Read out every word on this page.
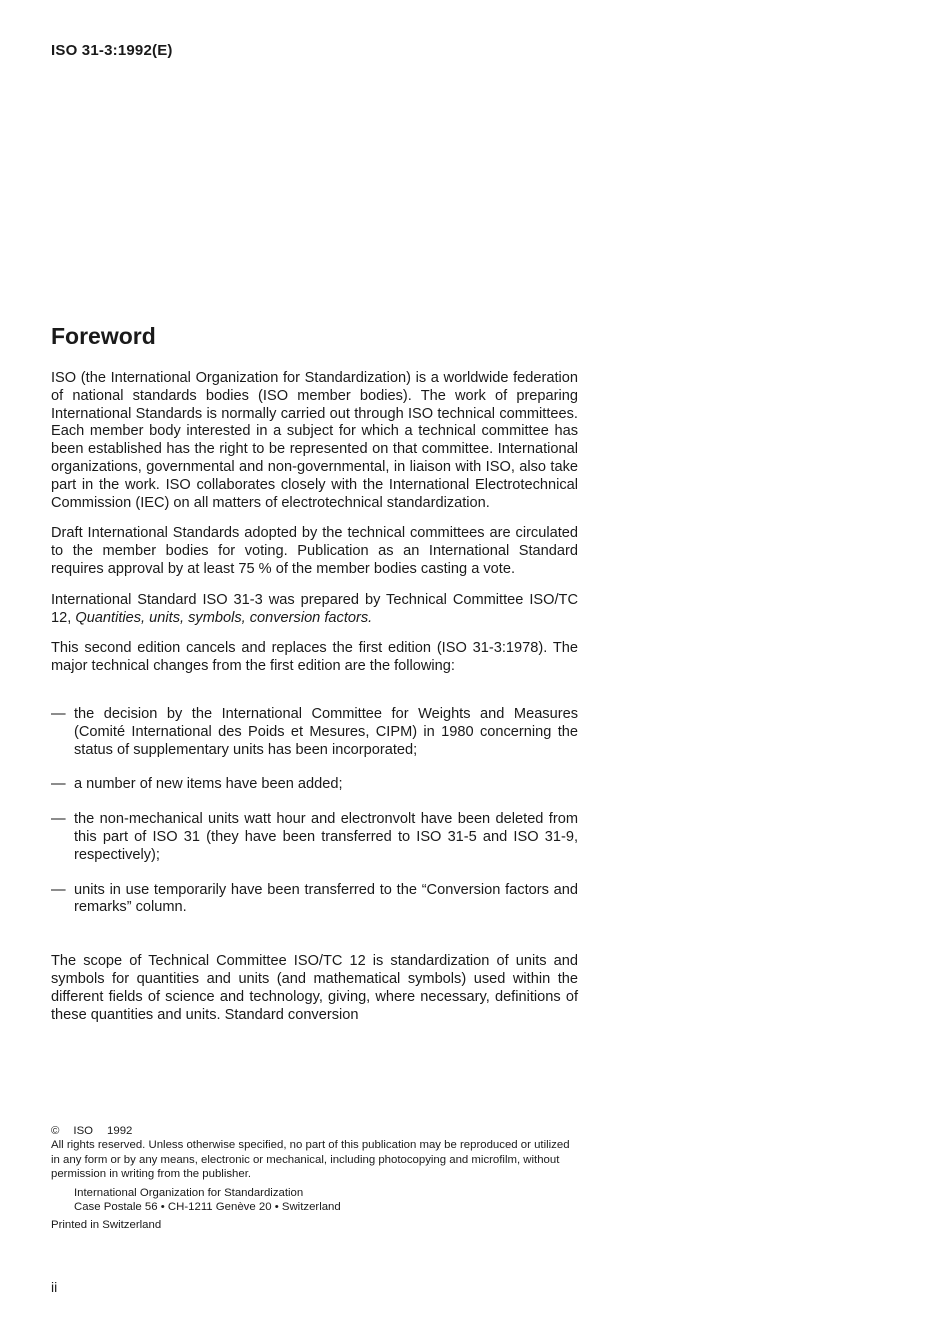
ISO 31-3:1992(E)
Foreword

ISO (the International Organization for Standardization) is a worldwide federation of national standards bodies (ISO member bodies). The work of preparing International Standards is normally carried out through ISO technical committees. Each member body interested in a subject for which a technical committee has been established has the right to be represented on that committee. International organizations, governmental and non-governmental, in liaison with ISO, also take part in the work. ISO collaborates closely with the International Electrotechnical Commission (IEC) on all matters of electrotechnical standardization.

Draft International Standards adopted by the technical committees are circulated to the member bodies for voting. Publication as an International Standard requires approval by at least 75 % of the member bodies casting a vote.

International Standard ISO 31-3 was prepared by Technical Committee ISO/TC 12, Quantities, units, symbols, conversion factors.

This second edition cancels and replaces the first edition (ISO 31-3:1978). The major technical changes from the first edition are the following:

— the decision by the International Committee for Weights and Measures (Comité International des Poids et Mesures, CIPM) in 1980 concerning the status of supplementary units has been incorporated;
— a number of new items have been added;
— the non-mechanical units watt hour and electronvolt have been deleted from this part of ISO 31 (they have been transferred to ISO 31-5 and ISO 31-9, respectively);
— units in use temporarily have been transferred to the “Conversion factors and remarks” column.

The scope of Technical Committee ISO/TC 12 is standardization of units and symbols for quantities and units (and mathematical symbols) used within the different fields of science and technology, giving, where necessary, definitions of these quantities and units. Standard conversion

© ISO 1992
All rights reserved. Unless otherwise specified, no part of this publication may be reproduced or utilized in any form or by any means, electronic or mechanical, including photocopying and microfilm, without permission in writing from the publisher.
International Organization for Standardization
Case Postale 56 • CH-1211 Genève 20 • Switzerland
Printed in Switzerland
ii
